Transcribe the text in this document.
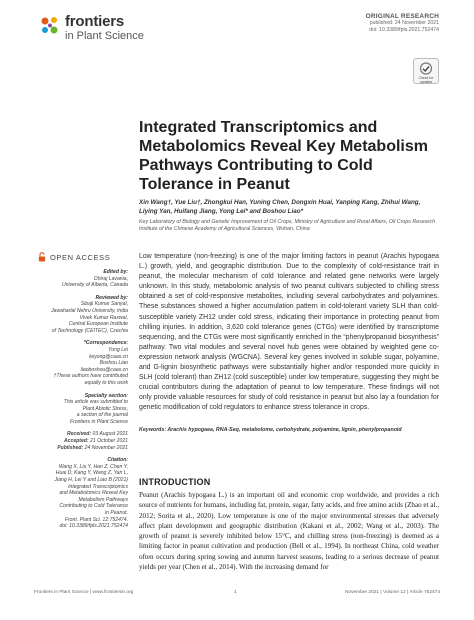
frontiers
in Plant Science
ORIGINAL RESEARCH
published: 24 November 2021
doi: 10.3389/fpls.2021.752474
Check for updates
Integrated Transcriptomics and Metabolomics Reveal Key Metabolism Pathways Contributing to Cold Tolerance in Peanut
Xin Wang†, Yue Liu†, Zhongkui Han, Yuning Chen, Dongxin Huai, Yanping Kang, Zhihui Wang, Liying Yan, Huifang Jiang, Yong Lei* and Boshou Liao*
Key Laboratory of Biology and Genetic Improvement of Oil Crops, Ministry of Agriculture and Rural Affairs, Oil Crops Research Institute of the Chinese Academy of Agricultural Sciences, Wuhan, China
OPEN ACCESS
Edited by:
Dhiraj Lavania,
University of Alberta, Canada
Reviewed by:
Sibaji Kumar Sanyal,
Jawaharlal Nehru University, India
Vivek Kumar Raxwal,
Central European Institute
of Technology (CEITEC), Czechia
*Correspondence:
Yong Lei
leiyong@caas.cn
Boshou Liao
liaoboshou@caas.cn
†These authors have contributed
equally to this work
Specialty section:
This article was submitted to
Plant Abiotic Stress,
a section of the journal
Frontiers in Plant Science
Received: 03 August 2021
Accepted: 21 October 2021
Published: 24 November 2021
Citation:
Wang X, Liu Y, Han Z, Chen Y,
Huai D, Kang Y, Wang Z, Yan L,
Jiang H, Lei Y and Liao B (2021)
Integrated Transcriptomics
and Metabolomics Reveal Key
Metabolism Pathways
Contributing to Cold Tolerance
in Peanut.
Front. Plant Sci. 12:752474.
doi: 10.3389/fpls.2021.752474

Low temperature (non-freezing) is one of the major limiting factors in peanut (Arachis hypogaea L.) growth, yield, and geographic distribution. Due to the complexity of cold-resistance trait in peanut, the molecular mechanism of cold tolerance and related gene networks were largely unknown. In this study, metabolomic analysis of two peanut cultivars subjected to chilling stress obtained a set of cold-responsive metabolites, including several carbohydrates and polyamines. These substances showed a higher accumulation pattern in cold-tolerant variety SLH than cold-susceptible variety ZH12 under cold stress, indicating their importance in protecting peanut from chilling injuries. In addition, 3,620 cold tolerance genes (CTGs) were identified by transcriptome sequencing, and the CTGs were most significantly enriched in the “phenylpropanoid biosynthesis” pathway. Two vital modules and several novel hub genes were obtained by weighted gene co-expression network analysis (WGCNA). Several key genes involved in soluble sugar, polyamine, and G-lignin biosynthetic pathways were substantially higher and/or responded more quickly in SLH (cold tolerant) than ZH12 (cold susceptible) under low temperature, suggesting they might be crucial contributors during the adaptation of peanut to low temperature. These findings will not only provide valuable resources for study of cold resistance in peanut but also lay a foundation for genetic modification of cold regulators to enhance stress tolerance in crops.

Keywords: Arachis hypogaea, RNA-Seq, metabolome, carbohydrate, polyamine, lignin, phenylpropanoid

INTRODUCTION

Peanut (Arachis hypogaea L.) is an important oil and economic crop worldwide, and provides a rich source of nutrients for humans, including fat, protein, sugar, fatty acids, and free amino acids (Zhao et al., 2012; Sorita et al., 2020). Low temperature is one of the major environmental stresses that adversely affect plant development and geographic distribution (Kakani et al., 2002; Wang et al., 2003). The growth of peanut is severely inhibited below 15°C, and chilling stress (non-freezing) is deemed as a limiting factor in peanut cultivation and production (Bell et al., 1994). In northeast China, cold weather often occurs during spring sowing and autumn harvest seasons, leading to a serious decrease of peanut yields per year (Chen et al., 2014). With the increasing demand for

Frontiers in Plant Science | www.frontiersin.org	1	November 2021 | Volume 12 | Article 752474
